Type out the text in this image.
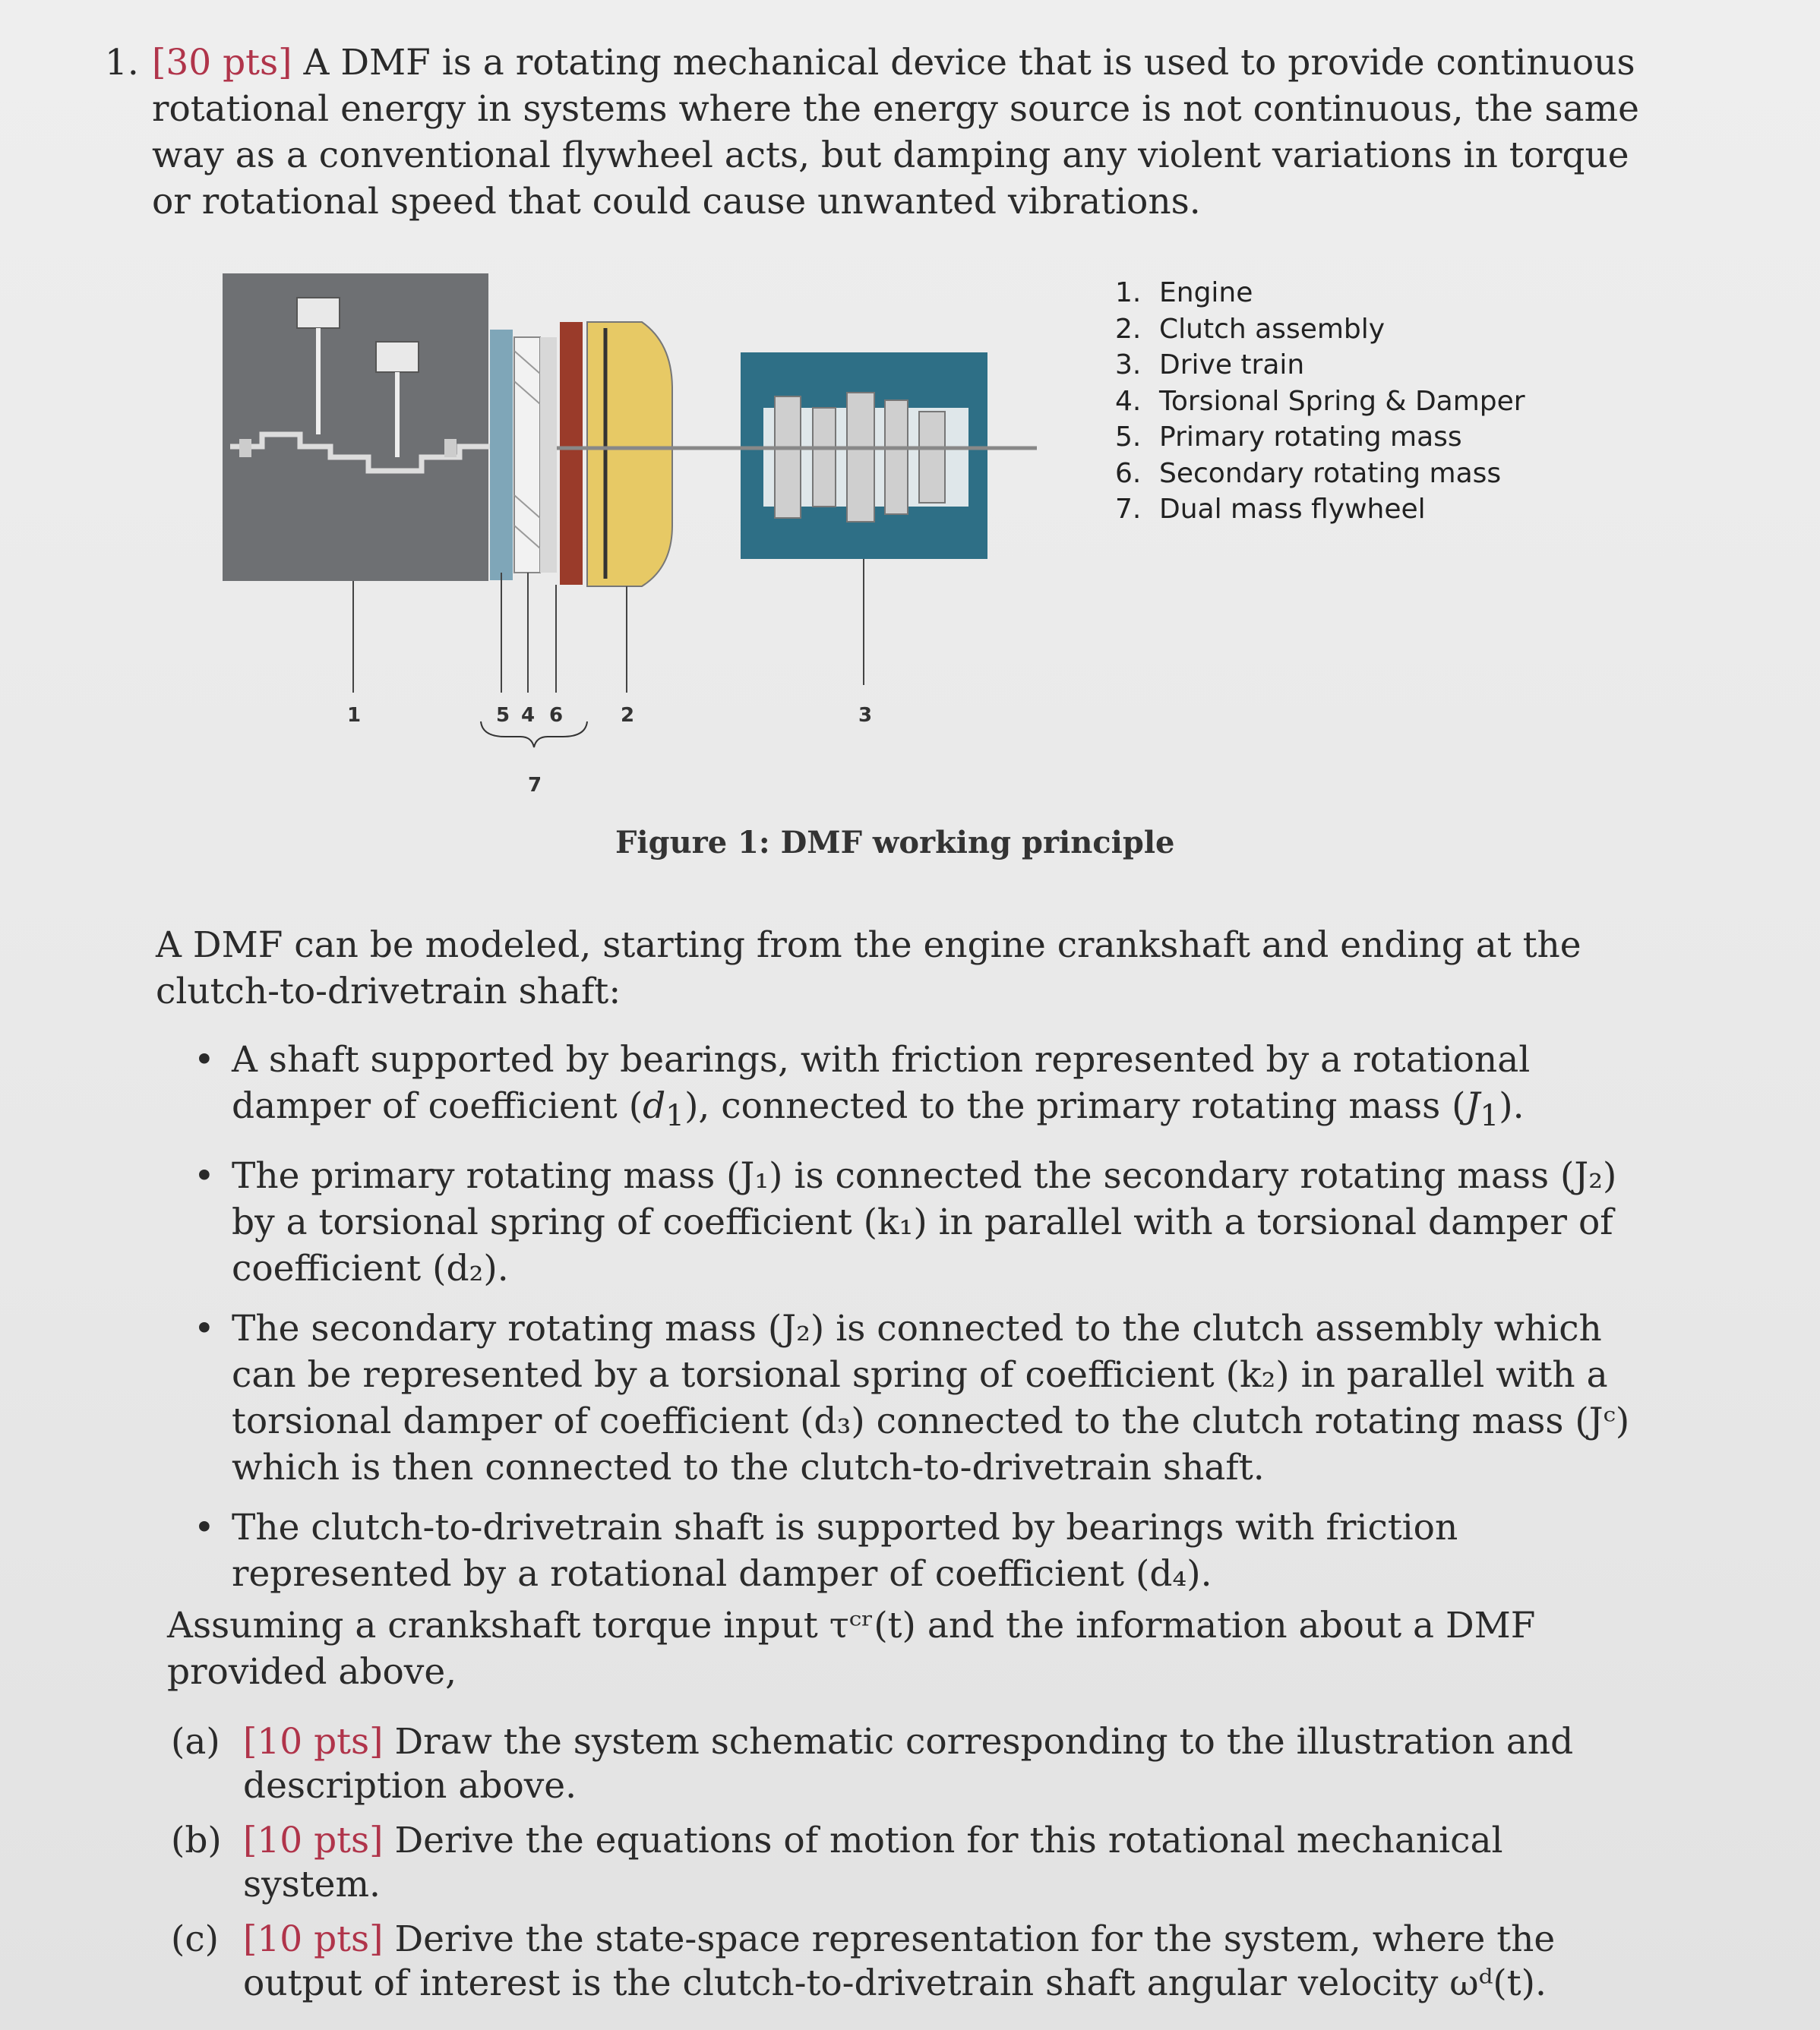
1. [30 pts] A DMF is a rotating mechanical device that is used to provide continuous rotational energy in systems where the energy source is not continuous, the same way as a conventional flywheel acts, but damping any violent variations in torque or rotational speed that could cause unwanted vibrations.

1	5 4 6	2	3
7
1. Engine
2. Clutch assembly
3. Drive train
4. Torsional Spring & Damper
5. Primary rotating mass
6. Secondary rotating mass
7. Dual mass flywheel
Figure 1: DMF working principle

A DMF can be modeled, starting from the engine crankshaft and ending at the clutch-to-drivetrain shaft:

• A shaft supported by bearings, with friction represented by a rotational damper of coefficient $(d_1)$, connected to the primary rotating mass $(J_1)$.
• The primary rotating mass (J₁) is connected the secondary rotating mass (J₂) by a torsional spring of coefficient (k₁) in parallel with a torsional damper of coefficient (d₂).
• The secondary rotating mass (J₂) is connected to the clutch assembly which can be represented by a torsional spring of coefficient (k₂) in parallel with a torsional damper of coefficient (d₃) connected to the clutch rotating mass (Jᶜ) which is then connected to the clutch-to-drivetrain shaft.
• The clutch-to-drivetrain shaft is supported by bearings with friction represented by a rotational damper of coefficient (d₄).

Assuming a crankshaft torque input τᶜʳ(t) and the information about a DMF provided above,

(a) [10 pts] Draw the system schematic corresponding to the illustration and description above.
(b) [10 pts] Derive the equations of motion for this rotational mechanical system.
(c) [10 pts] Derive the state-space representation for the system, where the output of interest is the clutch-to-drivetrain shaft angular velocity ωᵈ(t).
